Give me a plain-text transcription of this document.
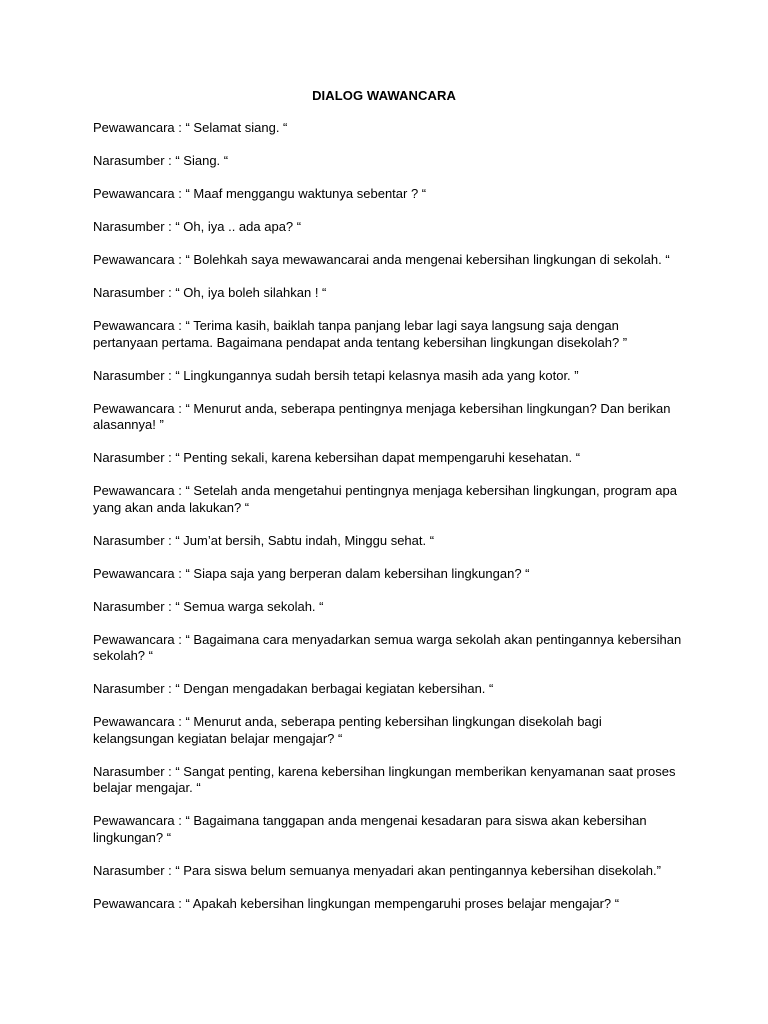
DIALOG WAWANCARA

Pewawancara : “ Selamat siang. “

Narasumber : “ Siang. “

Pewawancara : “ Maaf menggangu waktunya sebentar ? “

Narasumber : “ Oh, iya .. ada apa? “

Pewawancara : “ Bolehkah saya mewawancarai anda mengenai kebersihan lingkungan di sekolah. “

Narasumber : “ Oh, iya boleh silahkan ! “

Pewawancara : “ Terima kasih, baiklah tanpa panjang lebar lagi saya langsung saja dengan pertanyaan pertama. Bagaimana pendapat anda tentang kebersihan lingkungan disekolah? ”

Narasumber : “ Lingkungannya sudah bersih tetapi kelasnya masih ada yang kotor. ”

Pewawancara : “ Menurut anda, seberapa pentingnya menjaga kebersihan lingkungan? Dan berikan alasannya! ”

Narasumber : “ Penting sekali, karena kebersihan dapat mempengaruhi kesehatan. “

Pewawancara : “ Setelah anda mengetahui pentingnya menjaga kebersihan lingkungan, program apa yang akan anda lakukan? “

Narasumber : “ Jum’at bersih, Sabtu indah, Minggu sehat. “

Pewawancara : “ Siapa saja yang berperan dalam kebersihan lingkungan? “

Narasumber : “ Semua warga sekolah. “

Pewawancara : “ Bagaimana cara menyadarkan semua warga sekolah akan pentingannya kebersihan sekolah? “

Narasumber : “ Dengan mengadakan berbagai kegiatan kebersihan. “

Pewawancara : “ Menurut anda, seberapa penting kebersihan lingkungan disekolah bagi kelangsungan kegiatan belajar mengajar? “

Narasumber : “ Sangat penting, karena kebersihan lingkungan memberikan kenyamanan saat proses belajar mengajar. “

Pewawancara : “ Bagaimana tanggapan anda mengenai kesadaran para siswa akan kebersihan lingkungan? “

Narasumber : “ Para siswa belum semuanya menyadari akan pentingannya kebersihan disekolah.”

Pewawancara : “ Apakah kebersihan lingkungan mempengaruhi proses belajar mengajar? “
